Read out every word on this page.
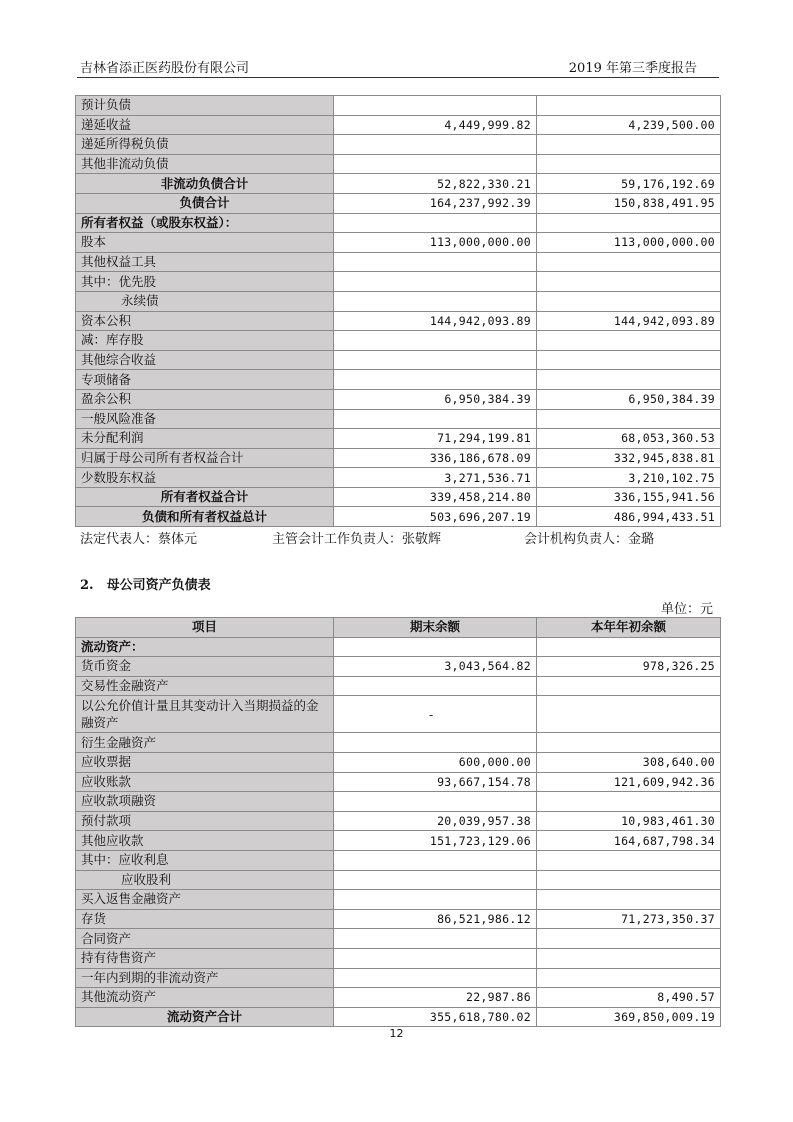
吉林省添正医药股份有限公司	2019 年第三季度报告
预计负债		
递延收益	4,449,999.82	4,239,500.00
递延所得税负债		
其他非流动负债		
非流动负债合计	52,822,330.21	59,176,192.69
负债合计	164,237,992.39	150,838,491.95
所有者权益（或股东权益）：		
股本	113,000,000.00	113,000,000.00
其他权益工具		
其中：优先股		
永续债		
资本公积	144,942,093.89	144,942,093.89
减：库存股		
其他综合收益		
专项储备		
盈余公积	6,950,384.39	6,950,384.39
一般风险准备		
未分配利润	71,294,199.81	68,053,360.53
归属于母公司所有者权益合计	336,186,678.09	332,945,838.81
少数股东权益	3,271,536.71	3,210,102.75
所有者权益合计	339,458,214.80	336,155,941.56
负债和所有者权益总计	503,696,207.19	486,994,433.51
法定代表人：蔡体元	主管会计工作负责人：张敬辉	会计机构负责人：金璐
2.　母公司资产负债表
单位：元
项目	期末余额	本年年初余额
流动资产：		
货币资金	3,043,564.82	978,326.25
交易性金融资产		
以公允价值计量且其变动计入当期损益的金融资产	-	
衍生金融资产		
应收票据	600,000.00	308,640.00
应收账款	93,667,154.78	121,609,942.36
应收款项融资		
预付款项	20,039,957.38	10,983,461.30
其他应收款	151,723,129.06	164,687,798.34
其中：应收利息		
应收股利		
买入返售金融资产		
存货	86,521,986.12	71,273,350.37
合同资产		
持有待售资产		
一年内到期的非流动资产		
其他流动资产	22,987.86	8,490.57
流动资产合计	355,618,780.02	369,850,009.19
12
